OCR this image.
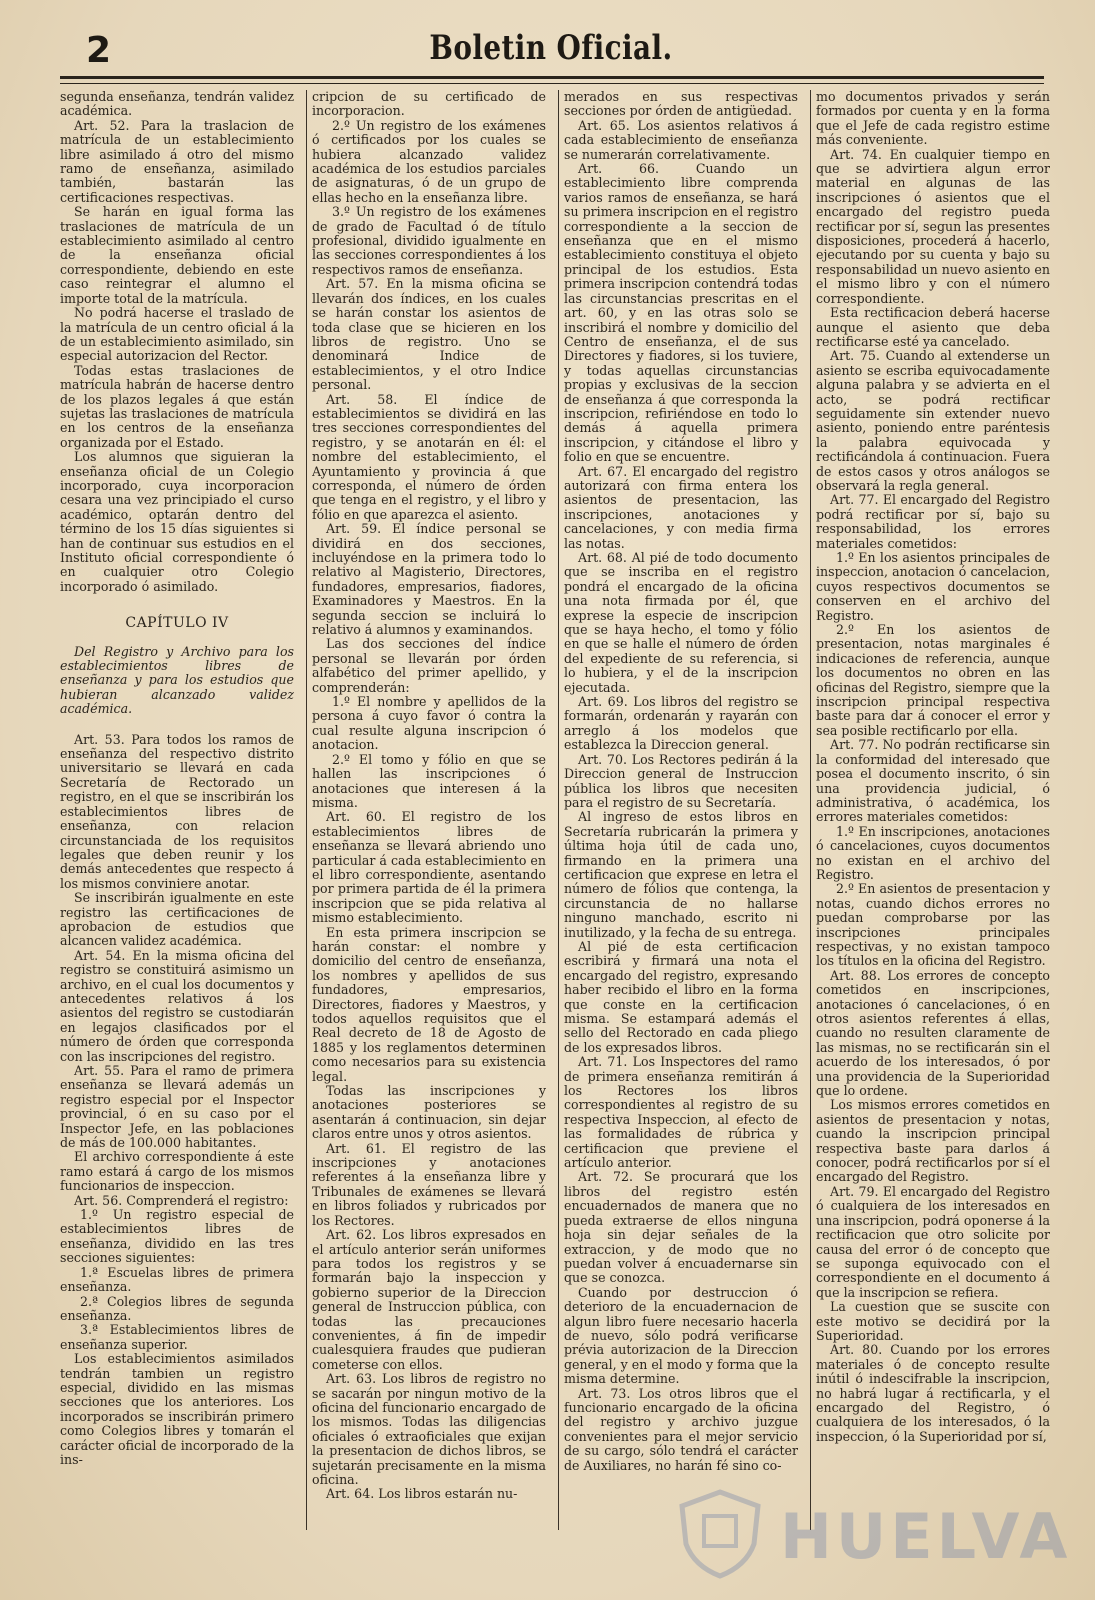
2	Boletin Oficial.

segunda enseñanza, tendrán validez académica.

Art. 52. Para la traslacion de matrícula de un establecimiento libre asimilado á otro del mismo ramo de enseñanza, asimilado también, bastarán las certificaciones respectivas.

Se harán en igual forma las traslaciones de matrícula de un establecimiento asimilado al centro de la enseñanza oficial correspondiente, debiendo en este caso reintegrar el alumno el importe total de la matrícula.

No podrá hacerse el traslado de la matrícula de un centro oficial á la de un establecimiento asimilado, sin especial autorizacion del Rector.

Todas estas traslaciones de matrícula habrán de hacerse dentro de los plazos legales á que están sujetas las traslaciones de matrícula en los centros de la enseñanza organizada por el Estado.

Los alumnos que siguieran la enseñanza oficial de un Colegio incorporado, cuya incorporacion cesara una vez principiado el curso académico, optarán dentro del término de los 15 días siguientes si han de continuar sus estudios en el Instituto oficial correspondiente ó en cualquier otro Colegio incorporado ó asimilado.

CAPÍTULO IV

Del Registro y Archivo para los establecimientos libres de enseñanza y para los estudios que hubieran alcanzado validez académica.

Art. 53. Para todos los ramos de enseñanza del respectivo distrito universitario se llevará en cada Secretaría de Rectorado un registro, en el que se inscribirán los establecimientos libres de enseñanza, con relacion circunstanciada de los requisitos legales que deben reunir y los demás antecedentes que respecto á los mismos conviniere anotar.

Se inscribirán igualmente en este registro las certificaciones de aprobacion de estudios que alcancen validez académica.

Art. 54. En la misma oficina del registro se constituirá asimismo un archivo, en el cual los documentos y antecedentes relativos á los asientos del registro se custodiarán en legajos clasificados por el número de órden que corresponda con las inscripciones del registro.

Art. 55. Para el ramo de primera enseñanza se llevará además un registro especial por el Inspector provincial, ó en su caso por el Inspector Jefe, en las poblaciones de más de 100.000 habitantes.

El archivo correspondiente á este ramo estará á cargo de los mismos funcionarios de inspeccion.

Art. 56. Comprenderá el registro:

1.º Un registro especial de establecimientos libres de enseñanza, dividido en las tres secciones siguientes:

1.ª Escuelas libres de primera enseñanza.

2.ª Colegios libres de segunda enseñanza.

3.ª Establecimientos libres de enseñanza superior.

Los establecimientos asimilados tendrán tambien un registro especial, dividido en las mismas secciones que los anteriores. Los incorporados se inscribirán primero como Colegios libres y tomarán el carácter oficial de incorporado de la ins-

cripcion de su certificado de incorporacion.

2.º Un registro de los exámenes ó certificados por los cuales se hubiera alcanzado validez académica de los estudios parciales de asignaturas, ó de un grupo de ellas hecho en la enseñanza libre.

3.º Un registro de los exámenes de grado de Facultad ó de título profesional, dividido igualmente en las secciones correspondientes á los respectivos ramos de enseñanza.

Art. 57. En la misma oficina se llevarán dos índices, en los cuales se harán constar los asientos de toda clase que se hicieren en los libros de registro. Uno se denominará Indice de establecimientos, y el otro Indice personal.

Art. 58. El índice de establecimientos se dividirá en las tres secciones correspondientes del registro, y se anotarán en él: el nombre del establecimiento, el Ayuntamiento y provincia á que corresponda, el número de órden que tenga en el registro, y el libro y fólio en que aparezca el asiento.

Art. 59. El índice personal se dividirá en dos secciones, incluyéndose en la primera todo lo relativo al Magisterio, Directores, fundadores, empresarios, fiadores, Examinadores y Maestros. En la segunda seccion se incluirá lo relativo á alumnos y examinandos.

Las dos secciones del índice personal se llevarán por órden alfabético del primer apellido, y comprenderán:

1.º El nombre y apellidos de la persona á cuyo favor ó contra la cual resulte alguna inscripcion ó anotacion.

2.º El tomo y fólio en que se hallen las inscripciones ó anotaciones que interesen á la misma.

Art. 60. El registro de los establecimientos libres de enseñanza se llevará abriendo uno particular á cada establecimiento en el libro correspondiente, asentando por primera partida de él la primera inscripcion que se pida relativa al mismo establecimiento.

En esta primera inscripcion se harán constar: el nombre y domicilio del centro de enseñanza, los nombres y apellidos de sus fundadores, empresarios, Directores, fiadores y Maestros, y todos aquellos requisitos que el Real decreto de 18 de Agosto de 1885 y los reglamentos determinen como necesarios para su existencia legal.

Todas las inscripciones y anotaciones posteriores se asentarán á continuacion, sin dejar claros entre unos y otros asientos.

Art. 61. El registro de las inscripciones y anotaciones referentes á la enseñanza libre y Tribunales de exámenes se llevará en libros foliados y rubricados por los Rectores.

Art. 62. Los libros expresados en el artículo anterior serán uniformes para todos los registros y se formarán bajo la inspeccion y gobierno superior de la Direccion general de Instruccion pública, con todas las precauciones convenientes, á fin de impedir cualesquiera fraudes que pudieran cometerse con ellos.

Art. 63. Los libros de registro no se sacarán por ningun motivo de la oficina del funcionario encargado de los mismos. Todas las diligencias oficiales ó extraoficiales que exijan la presentacion de dichos libros, se sujetarán precisamente en la misma oficina.

Art. 64. Los libros estarán nu-

merados en sus respectivas secciones por órden de antigüedad.

Art. 65. Los asientos relativos á cada establecimiento de enseñanza se numerarán correlativamente.

Art. 66. Cuando un establecimiento libre comprenda varios ramos de enseñanza, se hará su primera inscripcion en el registro correspondiente a la seccion de enseñanza que en el mismo establecimiento constituya el objeto principal de los estudios. Esta primera inscripcion contendrá todas las circunstancias prescritas en el art. 60, y en las otras solo se inscribirá el nombre y domicilio del Centro de enseñanza, el de sus Directores y fiadores, si los tuviere, y todas aquellas circunstancias propias y exclusivas de la seccion de enseñanza á que corresponda la inscripcion, refiriéndose en todo lo demás á aquella primera inscripcion, y citándose el libro y folio en que se encuentre.

Art. 67. El encargado del registro autorizará con firma entera los asientos de presentacion, las inscripciones, anotaciones y cancelaciones, y con media firma las notas.

Art. 68. Al pié de todo documento que se inscriba en el registro pondrá el encargado de la oficina una nota firmada por él, que exprese la especie de inscripcion que se haya hecho, el tomo y fólio en que se halle el número de órden del expediente de su referencia, si lo hubiera, y el de la inscripcion ejecutada.

Art. 69. Los libros del registro se formarán, ordenarán y rayarán con arreglo á los modelos que establezca la Direccion general.

Art. 70. Los Rectores pedirán á la Direccion general de Instruccion pública los libros que necesiten para el registro de su Secretaría.

Al ingreso de estos libros en Secretaría rubricarán la primera y última hoja útil de cada uno, firmando en la primera una certificacion que exprese en letra el número de fólios que contenga, la circunstancia de no hallarse ninguno manchado, escrito ni inutilizado, y la fecha de su entrega.

Al pié de esta certificacion escribirá y firmará una nota el encargado del registro, expresando haber recibido el libro en la forma que conste en la certificacion misma. Se estampará además el sello del Rectorado en cada pliego de los expresados libros.

Art. 71. Los Inspectores del ramo de primera enseñanza remitirán á los Rectores los libros correspondientes al registro de su respectiva Inspeccion, al efecto de las formalidades de rúbrica y certificacion que previene el artículo anterior.

Art. 72. Se procurará que los libros del registro estén encuadernados de manera que no pueda extraerse de ellos ninguna hoja sin dejar señales de la extraccion, y de modo que no puedan volver á encuadernarse sin que se conozca.

Cuando por destruccion ó deterioro de la encuadernacion de algun libro fuere necesario hacerla de nuevo, sólo podrá verificarse prévia autorizacion de la Direccion general, y en el modo y forma que la misma determine.

Art. 73. Los otros libros que el funcionario encargado de la oficina del registro y archivo juzgue convenientes para el mejor servicio de su cargo, sólo tendrá el carácter de Auxiliares, no harán fé sino co-

mo documentos privados y serán formados por cuenta y en la forma que el Jefe de cada registro estime más conveniente.

Art. 74. En cualquier tiempo en que se advirtiera algun error material en algunas de las inscripciones ó asientos que el encargado del registro pueda rectificar por sí, segun las presentes disposiciones, procederá á hacerlo, ejecutando por su cuenta y bajo su responsabilidad un nuevo asiento en el mismo libro y con el número correspondiente.

Esta rectificacion deberá hacerse aunque el asiento que deba rectificarse esté ya cancelado.

Art. 75. Cuando al extenderse un asiento se escriba equivocadamente alguna palabra y se advierta en el acto, se podrá rectificar seguidamente sin extender nuevo asiento, poniendo entre paréntesis la palabra equivocada y rectificándola á continuacion. Fuera de estos casos y otros análogos se observará la regla general.

Art. 77. El encargado del Registro podrá rectificar por sí, bajo su responsabilidad, los errores materiales cometidos:

1.º En los asientos principales de inspeccion, anotacion ó cancelacion, cuyos respectivos documentos se conserven en el archivo del Registro.

2.º En los asientos de presentacion, notas marginales é indicaciones de referencia, aunque los documentos no obren en las oficinas del Registro, siempre que la inscripcion principal respectiva baste para dar á conocer el error y sea posible rectificarlo por ella.

Art. 77. No podrán rectificarse sin la conformidad del interesado que posea el documento inscrito, ó sin una providencia judicial, ó administrativa, ó académica, los errores materiales cometidos:

1.º En inscripciones, anotaciones ó cancelaciones, cuyos documentos no existan en el archivo del Registro.

2.º En asientos de presentacion y notas, cuando dichos errores no puedan comprobarse por las inscripciones principales respectivas, y no existan tampoco los títulos en la oficina del Registro.

Art. 88. Los errores de concepto cometidos en inscripciones, anotaciones ó cancelaciones, ó en otros asientos referentes á ellas, cuando no resulten claramente de las mismas, no se rectificarán sin el acuerdo de los interesados, ó por una providencia de la Superioridad que lo ordene.

Los mismos errores cometidos en asientos de presentacion y notas, cuando la inscripcion principal respectiva baste para darlos á conocer, podrá rectificarlos por sí el encargado del Registro.

Art. 79. El encargado del Registro ó cualquiera de los interesados en una inscripcion, podrá oponerse á la rectificacion que otro solicite por causa del error ó de concepto que se suponga equivocado con el correspondiente en el documento á que la inscripcion se refiera.

La cuestion que se suscite con este motivo se decidirá por la Superioridad.

Art. 80. Cuando por los errores materiales ó de concepto resulte inútil ó indescifrable la inscripcion, no habrá lugar á rectificarla, y el encargado del Registro, ó cualquiera de los interesados, ó la inspeccion, ó la Superioridad por sí,

HUELVA
